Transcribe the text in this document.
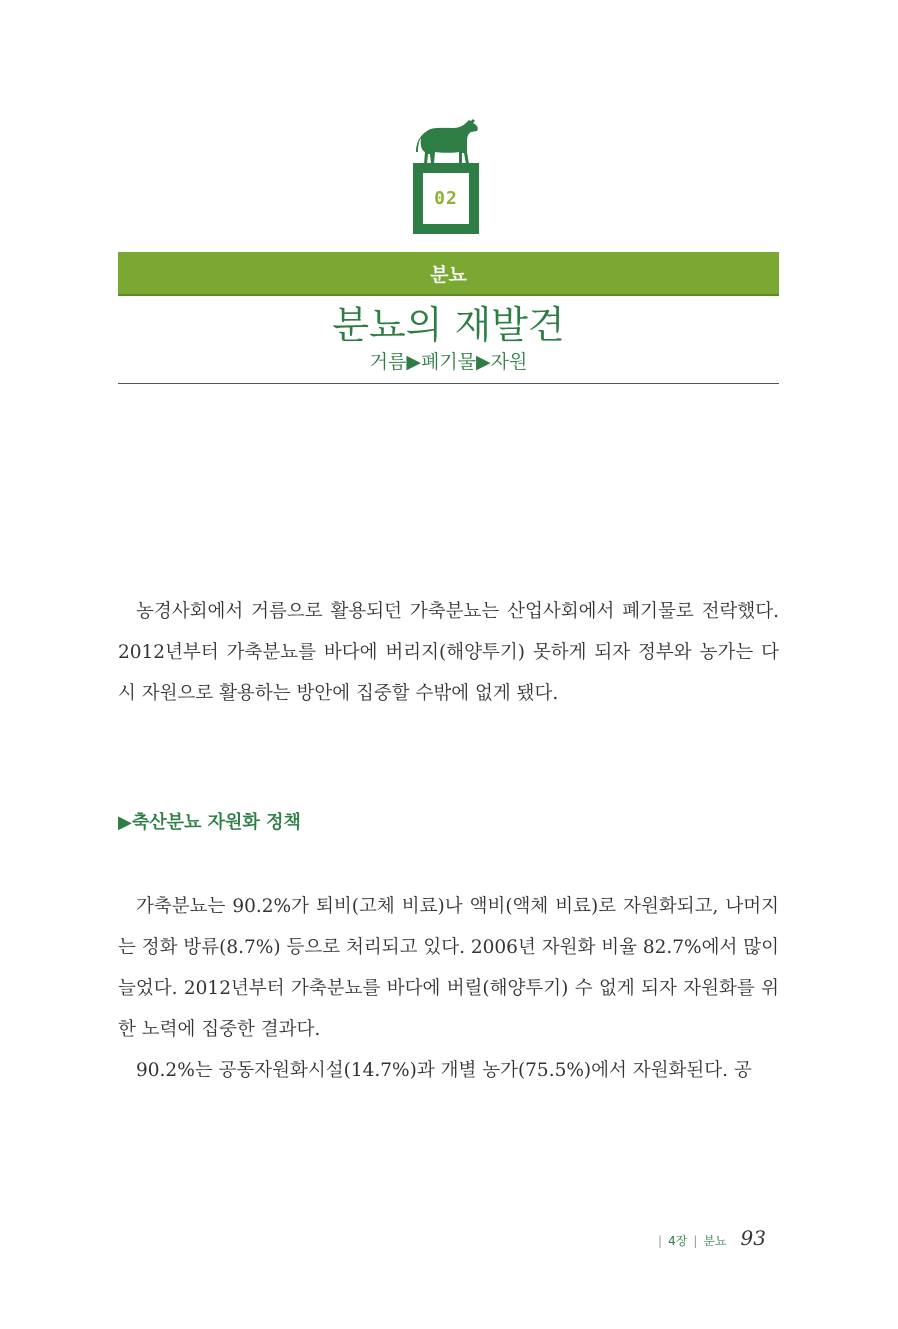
02
분뇨
분뇨의 재발견
거름▶폐기물▶자원

농경사회에서 거름으로 활용되던 가축분뇨는 산업사회에서 폐기물로 전락했다. 2012년부터 가축분뇨를 바다에 버리지(해양투기) 못하게 되자 정부와 농가는 다시 자원으로 활용하는 방안에 집중할 수밖에 없게 됐다.

▶축산분뇨 자원화 정책

가축분뇨는 90.2%가 퇴비(고체 비료)나 액비(액체 비료)로 자원화되고, 나머지는 정화 방류(8.7%) 등으로 처리되고 있다. 2006년 자원화 비율 82.7%에서 많이 늘었다. 2012년부터 가축분뇨를 바다에 버릴(해양투기) 수 없게 되자 자원화를 위한 노력에 집중한 결과다.

90.2%는 공동자원화시설(14.7%)과 개별 농가(75.5%)에서 자원화된다. 공

| 4장 | 분뇨 93
